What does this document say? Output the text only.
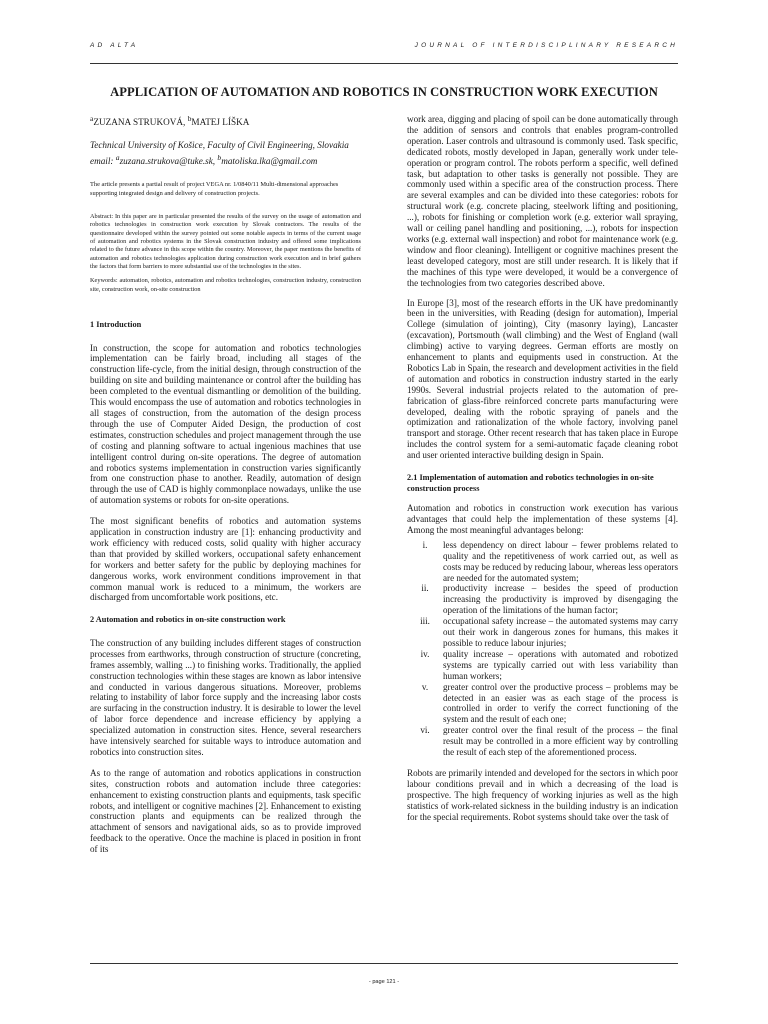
AD ALTA	JOURNAL OF INTERDISCIPLINARY RESEARCH
APPLICATION OF AUTOMATION AND ROBOTICS IN CONSTRUCTION WORK EXECUTION
$^a$ZUZANA STRUKOVÁ, $^b$MATEJ LÍŠKA
Technical University of Košice, Faculty of Civil Engineering, Slovakia
email: $^a$zuzana.strukova@tuke.sk, $^b$matoliska.lka@gmail.com

The article presents a partial result of project VEGA nr. 1/0840/11 Multi-dimensional approaches supporting integrated design and delivery of construction projects.

Abstract: In this paper are in particular presented the results of the survey on the usage of automation and robotics technologies in construction work execution by Slovak contractors. The results of the questionnaire developed within the survey pointed out some notable aspects in terms of the current usage of automation and robotics systems in the Slovak construction industry and offered some implications related to the future advance in this scope within the country. Moreover, the paper mentions the benefits of automation and robotics technologies application during construction work execution and in brief gathers the factors that form barriers to more substantial use of the technologies in the sites.

Keywords: automation, robotics, automation and robotics technologies, construction industry, construction site, construction work, on-site construction

1 Introduction

In construction, the scope for automation and robotics technologies implementation can be fairly broad, including all stages of the construction life-cycle, from the initial design, through construction of the building on site and building maintenance or control after the building has been completed to the eventual dismantling or demolition of the building. This would encompass the use of automation and robotics technologies in all stages of construction, from the automation of the design process through the use of Computer Aided Design, the production of cost estimates, construction schedules and project management through the use of costing and planning software to actual ingenious machines that use intelligent control during on-site operations. The degree of automation and robotics systems implementation in construction varies significantly from one construction phase to another. Readily, automation of design through the use of CAD is highly commonplace nowadays, unlike the use of automation systems or robots for on-site operations.

The most significant benefits of robotics and automation systems application in construction industry are [1]: enhancing productivity and work efficiency with reduced costs, solid quality with higher accuracy than that provided by skilled workers, occupational safety enhancement for workers and better safety for the public by deploying machines for dangerous works, work environment conditions improvement in that common manual work is reduced to a minimum, the workers are discharged from uncomfortable work positions, etc.

2 Automation and robotics in on-site construction work

The construction of any building includes different stages of construction processes from earthworks, through construction of structure (concreting, frames assembly, walling ...) to finishing works. Traditionally, the applied construction technologies within these stages are known as labor intensive and conducted in various dangerous situations. Moreover, problems relating to instability of labor force supply and the increasing labor costs are surfacing in the construction industry. It is desirable to lower the level of labor force dependence and increase efficiency by applying a specialized automation in construction sites. Hence, several researchers have intensively searched for suitable ways to introduce automation and robotics into construction sites.

As to the range of automation and robotics applications in construction sites, construction robots and automation include three categories: enhancement to existing construction plants and equipments, task specific robots, and intelligent or cognitive machines [2]. Enhancement to existing construction plants and equipments can be realized through the attachment of sensors and navigational aids, so as to provide improved feedback to the operative. Once the machine is placed in position in front of its

work area, digging and placing of spoil can be done automatically through the addition of sensors and controls that enables program-controlled operation. Laser controls and ultrasound is commonly used. Task specific, dedicated robots, mostly developed in Japan, generally work under tele-operation or program control. The robots perform a specific, well defined task, but adaptation to other tasks is generally not possible. They are commonly used within a specific area of the construction process. There are several examples and can be divided into these categories: robots for structural work (e.g. concrete placing, steelwork lifting and positioning, ...), robots for finishing or completion work (e.g. exterior wall spraying, wall or ceiling panel handling and positioning, ...), robots for inspection works (e.g. external wall inspection) and robot for maintenance work (e.g. window and floor cleaning). Intelligent or cognitive machines present the least developed category, most are still under research. It is likely that if the machines of this type were developed, it would be a convergence of the technologies from two categories described above.

In Europe [3], most of the research efforts in the UK have predominantly been in the universities, with Reading (design for automation), Imperial College (simulation of jointing), City (masonry laying), Lancaster (excavation), Portsmouth (wall climbing) and the West of England (wall climbing) active to varying degrees. German efforts are mostly on enhancement to plants and equipments used in construction. At the Robotics Lab in Spain, the research and development activities in the field of automation and robotics in construction industry started in the early 1990s. Several industrial projects related to the automation of pre-fabrication of glass-fibre reinforced concrete parts manufacturing were developed, dealing with the robotic spraying of panels and the optimization and rationalization of the whole factory, involving panel transport and storage. Other recent research that has taken place in Europe includes the control system for a semi-automatic façade cleaning robot and user oriented interactive building design in Spain.

2.1 Implementation of automation and robotics technologies in on-site construction process

Automation and robotics in construction work execution has various advantages that could help the implementation of these systems [4]. Among the most meaningful advantages belong:

i.	less dependency on direct labour – fewer problems related to quality and the repetitiveness of work carried out, as well as costs may be reduced by reducing labour, whereas less operators are needed for the automated system;
ii.	productivity increase – besides the speed of production increasing the productivity is improved by disengaging the operation of the limitations of the human factor;
iii.	occupational safety increase – the automated systems may carry out their work in dangerous zones for humans, this makes it possible to reduce labour injuries;
iv.	quality increase – operations with automated and robotized systems are typically carried out with less variability than human workers;
v.	greater control over the productive process – problems may be detected in an easier was as each stage of the process is controlled in order to verify the correct functioning of the system and the result of each one;
vi.	greater control over the final result of the process – the final result may be controlled in a more efficient way by controlling the result of each step of the aforementioned process.

Robots are primarily intended and developed for the sectors in which poor labour conditions prevail and in which a decreasing of the load is prospective. The high frequency of working injuries as well as the high statistics of work-related sickness in the building industry is an indication for the special requirements. Robot systems should take over the task of

- page 121 -
